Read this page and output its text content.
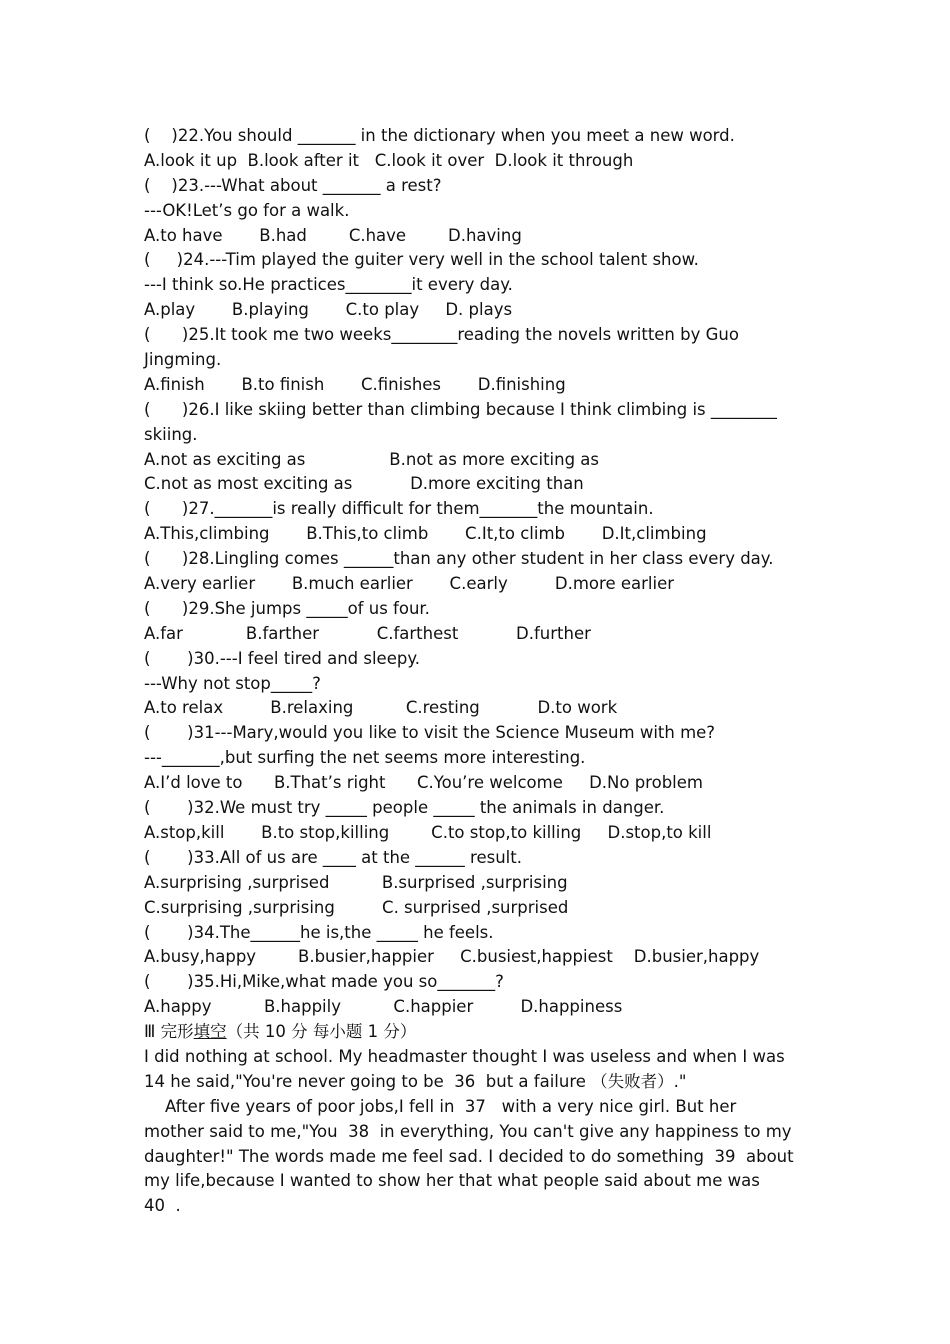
(    )22.You should _______ in the dictionary when you meet a new word.
A.look it up  B.look after it   C.look it over  D.look it through
(    )23.---What about _______ a rest?
---OK!Let’s go for a walk.
A.to have       B.had        C.have        D.having
(     )24.---Tim played the guiter very well in the school talent show.
---I think so.He practices________it every day.
A.play       B.playing       C.to play     D. plays
(      )25.It took me two weeks________reading the novels written by Guo
Jingming.
A.finish       B.to finish       C.finishes       D.finishing
(      )26.I like skiing better than climbing because I think climbing is ________
skiing.
A.not as exciting as                B.not as more exciting as
C.not as most exciting as           D.more exciting than
(      )27._______is really difficult for them_______the mountain.
A.This,climbing       B.This,to climb       C.It,to climb       D.It,climbing
(      )28.Lingling comes ______than any other student in her class every day.
A.very earlier       B.much earlier       C.early         D.more earlier
(      )29.She jumps _____of us four.
A.far            B.farther           C.farthest           D.further
(       )30.---I feel tired and sleepy.
---Why not stop_____?
A.to relax         B.relaxing          C.resting           D.to work
(       )31---Mary,would you like to visit the Science Museum with me?
---_______,but surfing the net seems more interesting.
A.I’d love to      B.That’s right      C.You’re welcome     D.No problem
(       )32.We must try _____ people _____ the animals in danger.
A.stop,kill       B.to stop,killing        C.to stop,to killing     D.stop,to kill
(       )33.All of us are ____ at the ______ result.
A.surprising ,surprised          B.surprised ,surprising
C.surprising ,surprising         C. surprised ,surprised
(       )34.The______he is,the _____ he feels.
A.busy,happy        B.busier,happier     C.busiest,happiest    D.busier,happy
(       )35.Hi,Mike,what made you so_______?
A.happy          B.happily          C.happier         D.happiness
Ⅲ 完形填空（共 10 分 每小题 1 分）
I did nothing at school. My headmaster thought I was useless and when I was
14 he said,"You're never going to be  36  but a failure （失败者）."
After five years of poor jobs,I fell in  37   with a very nice girl. But her
mother said to me,"You  38  in everything, You can't give any happiness to my
daughter!" The words made me feel sad. I decided to do something  39  about
my life,because I wanted to show her that what people said about me was
40  .
